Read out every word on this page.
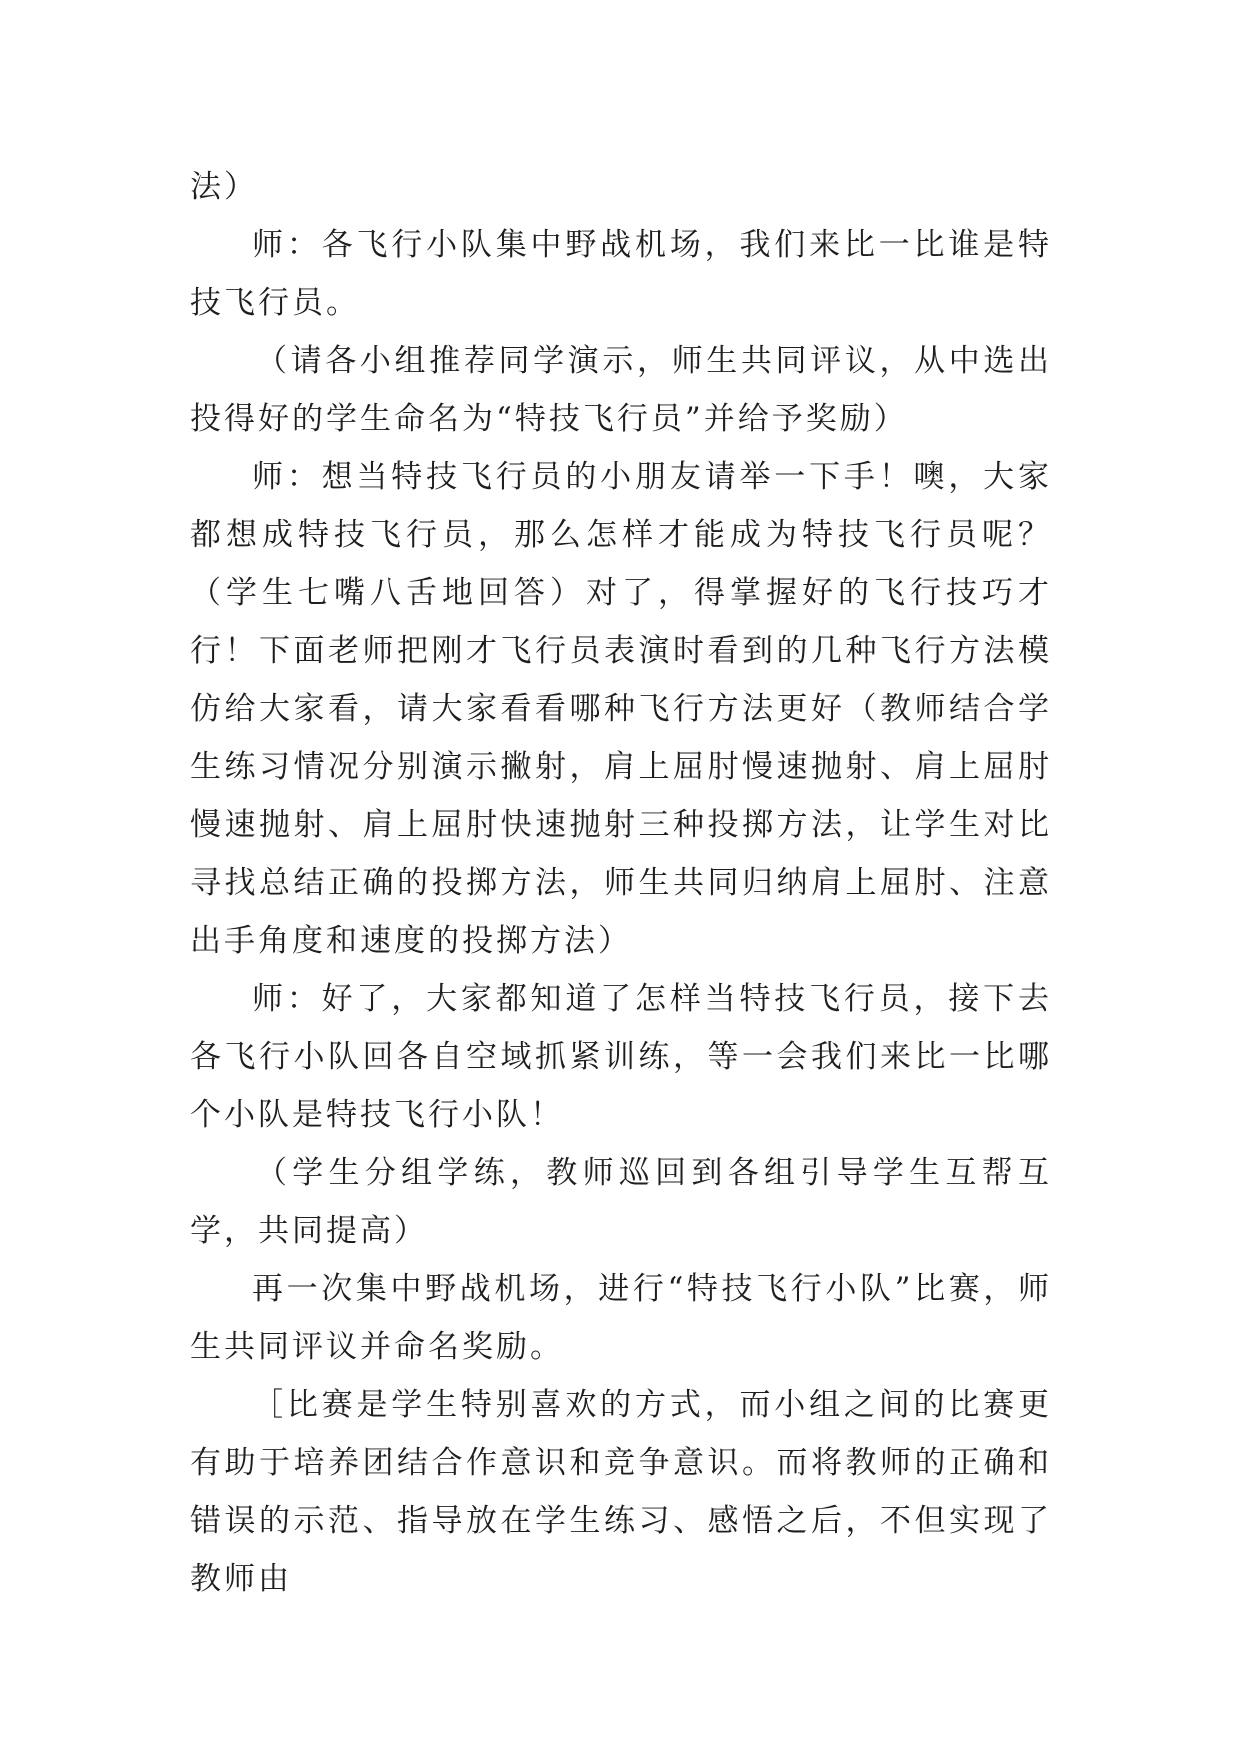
法）

师：各飞行小队集中野战机场，我们来比一比谁是特技飞行员。

（请各小组推荐同学演示，师生共同评议，从中选出投得好的学生命名为“特技飞行员”并给予奖励）

师：想当特技飞行员的小朋友请举一下手！噢，大家都想成特技飞行员，那么怎样才能成为特技飞行员呢？（学生七嘴八舌地回答）对了，得掌握好的飞行技巧才行！下面老师把刚才飞行员表演时看到的几种飞行方法模仿给大家看，请大家看看哪种飞行方法更好（教师结合学生练习情况分别演示撇射，肩上屈肘慢速抛射、肩上屈肘慢速抛射、肩上屈肘快速抛射三种投掷方法，让学生对比寻找总结正确的投掷方法，师生共同归纳肩上屈肘、注意出手角度和速度的投掷方法）

师：好了，大家都知道了怎样当特技飞行员，接下去各飞行小队回各自空域抓紧训练，等一会我们来比一比哪个小队是特技飞行小队！

（学生分组学练，教师巡回到各组引导学生互帮互学，共同提高）

再一次集中野战机场，进行“特技飞行小队”比赛，师生共同评议并命名奖励。

［比赛是学生特别喜欢的方式，而小组之间的比赛更有助于培养团结合作意识和竞争意识。而将教师的正确和错误的示范、指导放在学生练习、感悟之后，不但实现了教师由
